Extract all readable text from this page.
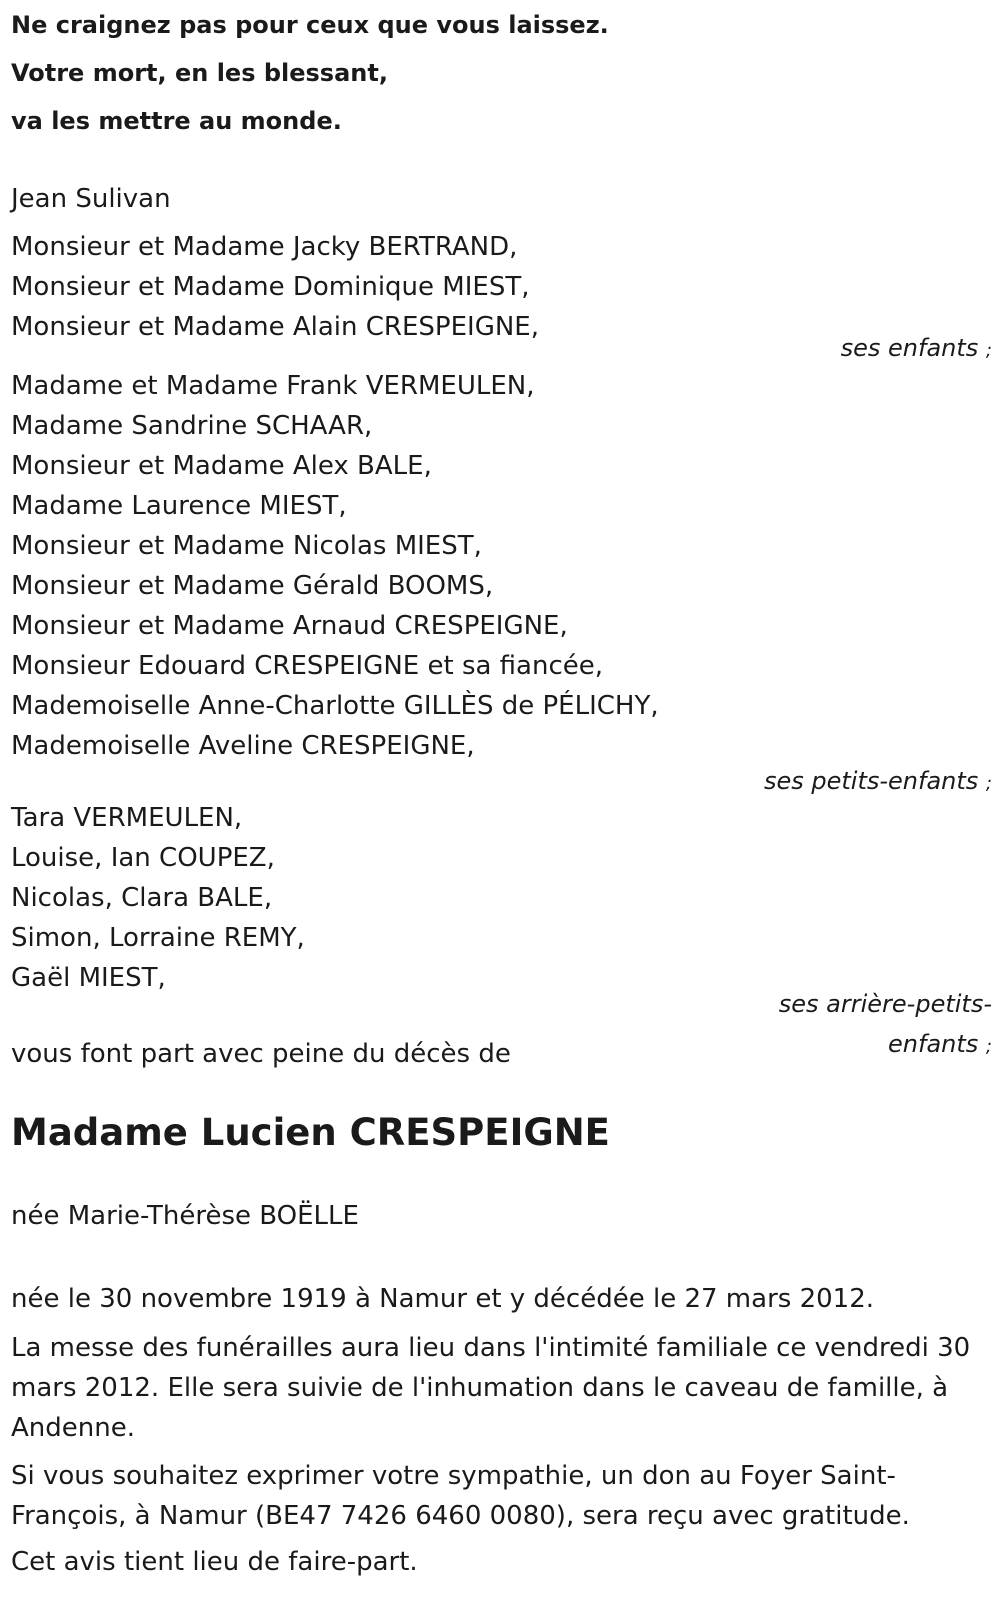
Ne craignez pas pour ceux que vous laissez.
Votre mort, en les blessant,
va les mettre au monde.
Jean Sulivan
Monsieur et Madame Jacky BERTRAND,
Monsieur et Madame Dominique MIEST,
Monsieur et Madame Alain CRESPEIGNE,
ses enfants ;
Madame et Madame Frank VERMEULEN,
Madame Sandrine SCHAAR,
Monsieur et Madame Alex BALE,
Madame Laurence MIEST,
Monsieur et Madame Nicolas MIEST,
Monsieur et Madame Gérald BOOMS,
Monsieur et Madame Arnaud CRESPEIGNE,
Monsieur Edouard CRESPEIGNE et sa fiancée,
Mademoiselle Anne-Charlotte GILLÈS de PÉLICHY,
Mademoiselle Aveline CRESPEIGNE,
ses petits-enfants ;
Tara VERMEULEN,
Louise, Ian COUPEZ,
Nicolas, Clara BALE,
Simon, Lorraine REMY,
Gaël MIEST,
ses arrière-petits-
enfants ;
vous font part avec peine du décès de
Madame Lucien CRESPEIGNE
née Marie-Thérèse BOËLLE

née le 30 novembre 1919 à Namur et y décédée le 27 mars 2012.

La messe des funérailles aura lieu dans l'intimité familiale ce vendredi 30 mars 2012. Elle sera suivie de l'inhumation dans le caveau de famille, à Andenne.

Si vous souhaitez exprimer votre sympathie, un don au Foyer Saint-François, à Namur (BE47 7426 6460 0080), sera reçu avec gratitude.

Cet avis tient lieu de faire-part.
